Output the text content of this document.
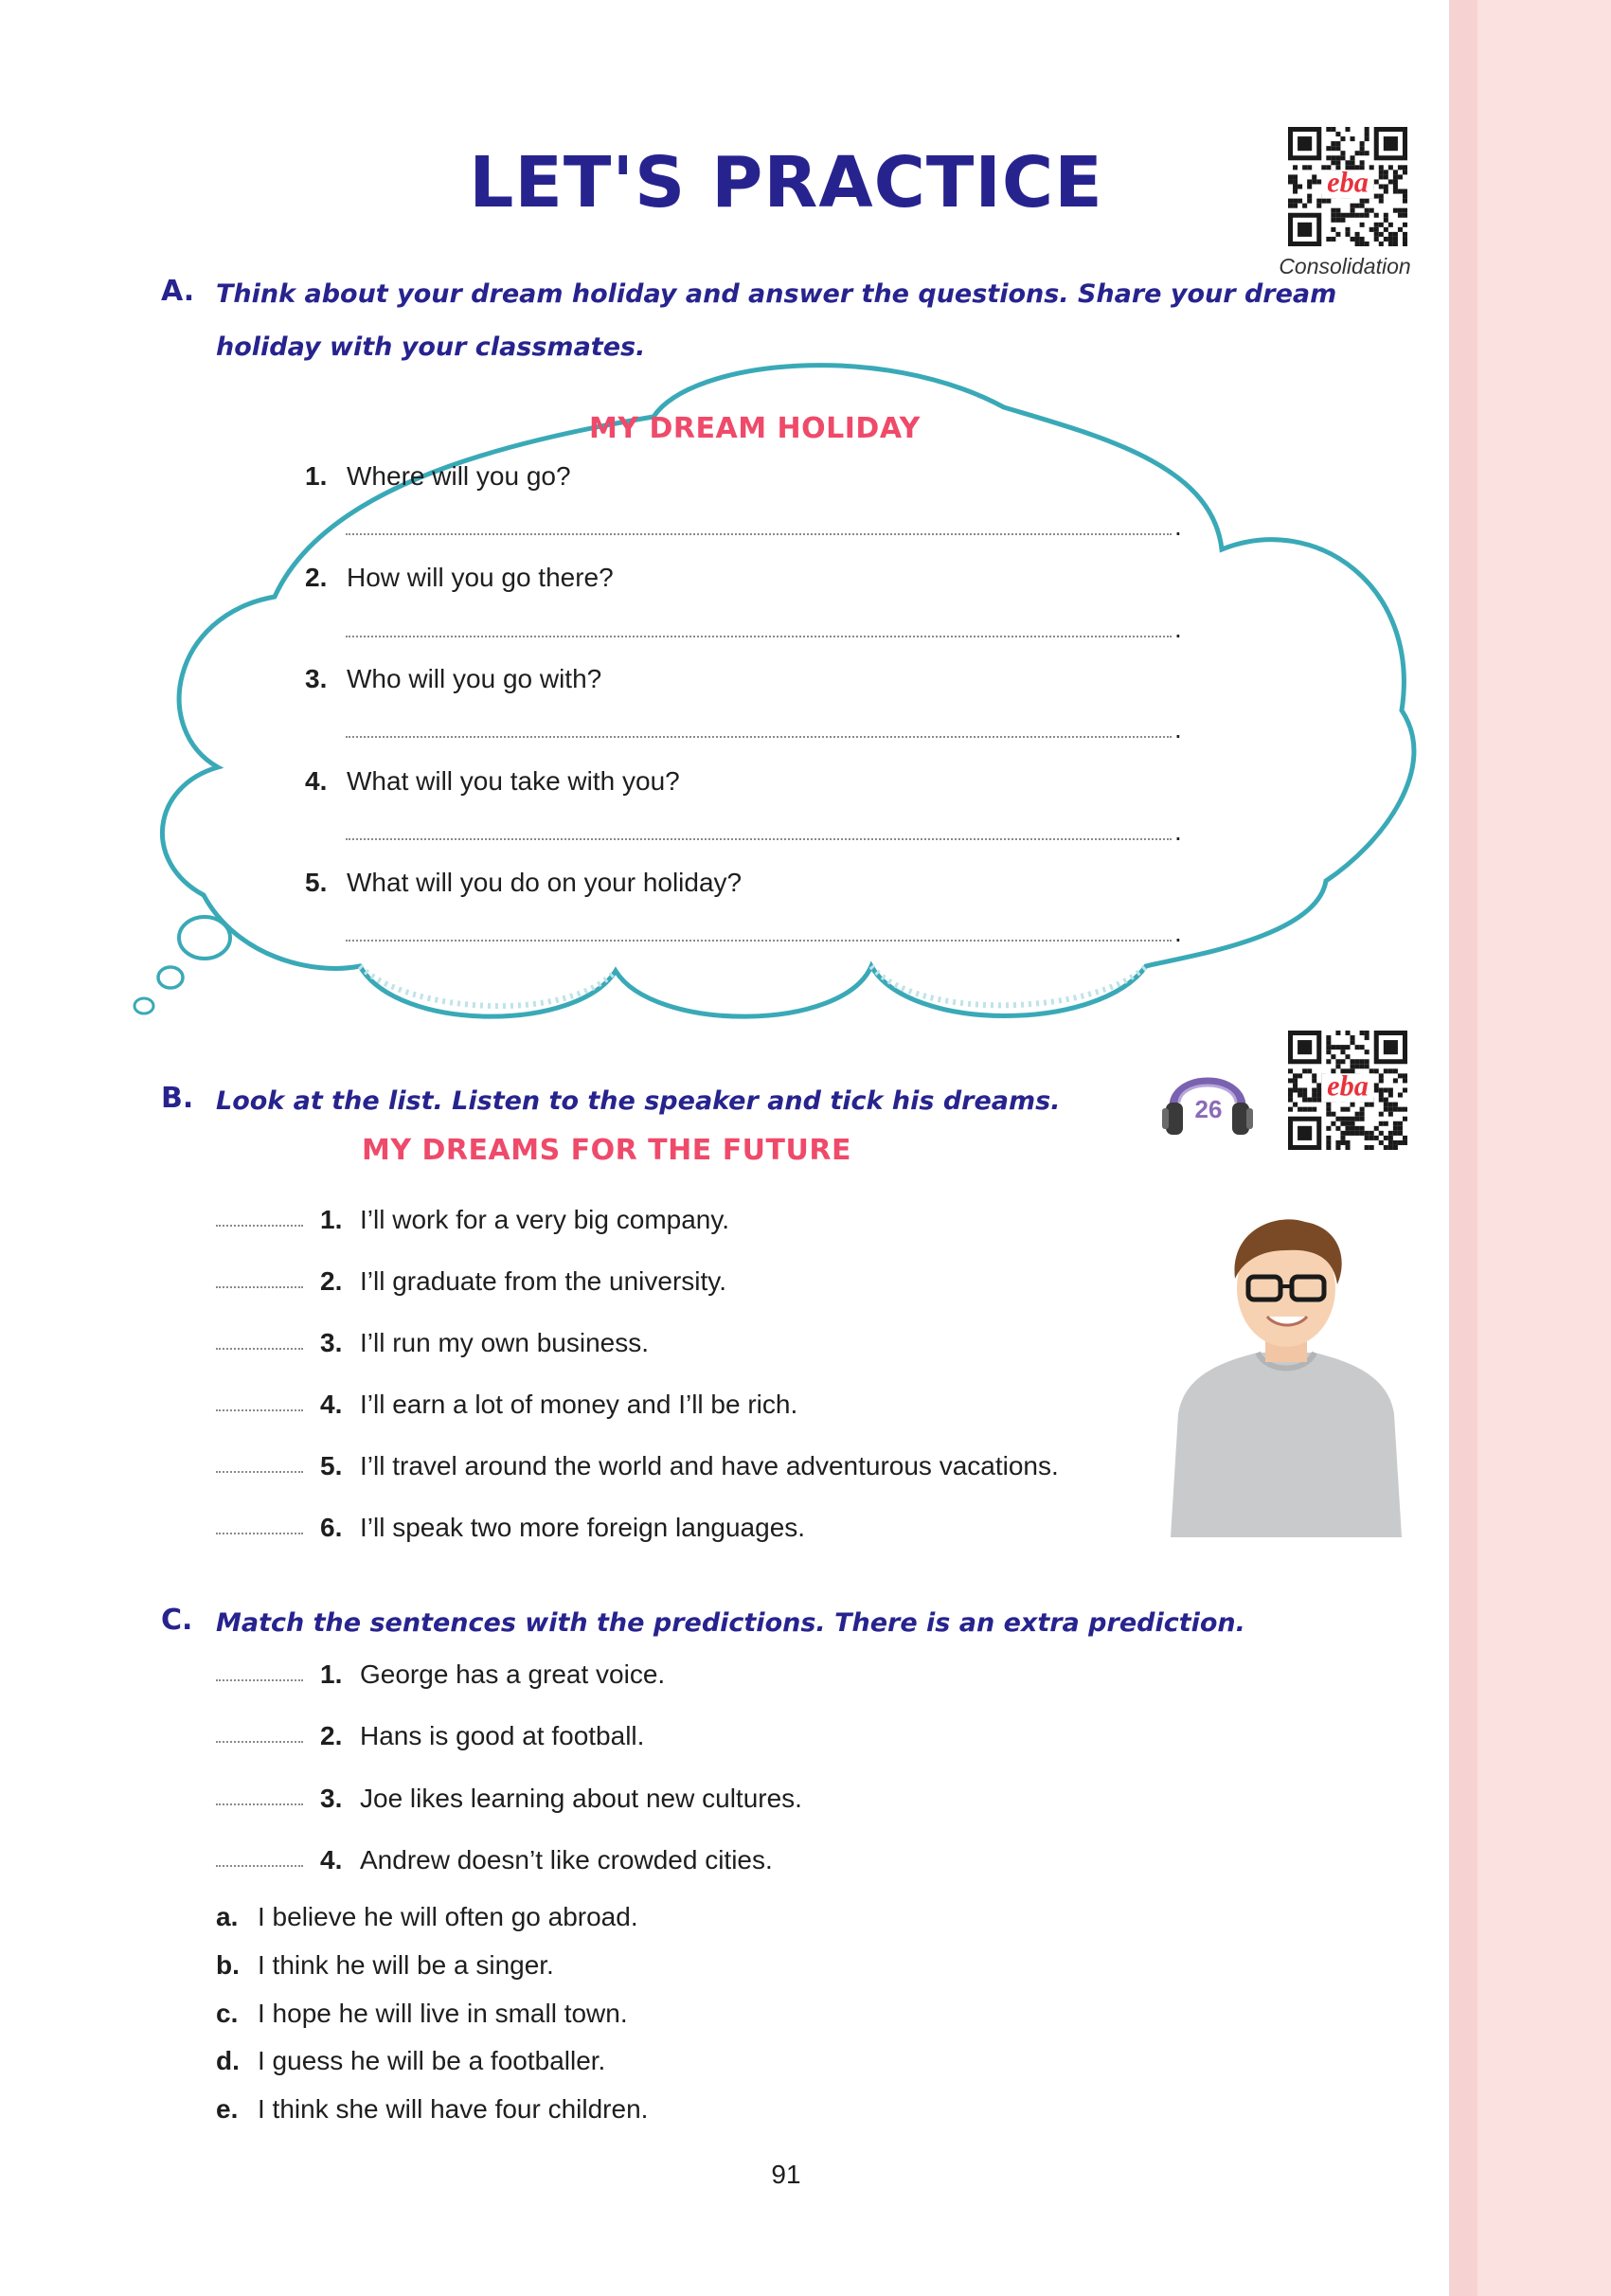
LET'S PRACTICE	eba
Consolidation
A. Think about your dream holiday and answer the questions. Share your dream holiday with your classmates.
MY DREAM HOLIDAY
1. Where will you go?
.
2. How will you go there?
.
3. Who will you go with?
.
4. What will you take with you?
.
5. What will you do on your holiday?
.
B. Look at the list. Listen to the speaker and tick his dreams.	26
eba
MY DREAMS FOR THE FUTURE
1. I’ll work for a very big company.
2. I’ll graduate from the university.
3. I’ll run my own business.
4. I’ll earn a lot of money and I’ll be rich.
5. I’ll travel around the world and have adventurous vacations.
6. I’ll speak two more foreign languages.
C. Match the sentences with the predictions. There is an extra prediction.
1. George has a great voice.
2. Hans is good at football.
3. Joe likes learning about new cultures.
4. Andrew doesn’t like crowded cities.
a. I believe he will often go abroad.
b. I think he will be a singer.
c. I hope he will live in small town.
d. I guess he will be a footballer.
e. I think she will have four children.
91
